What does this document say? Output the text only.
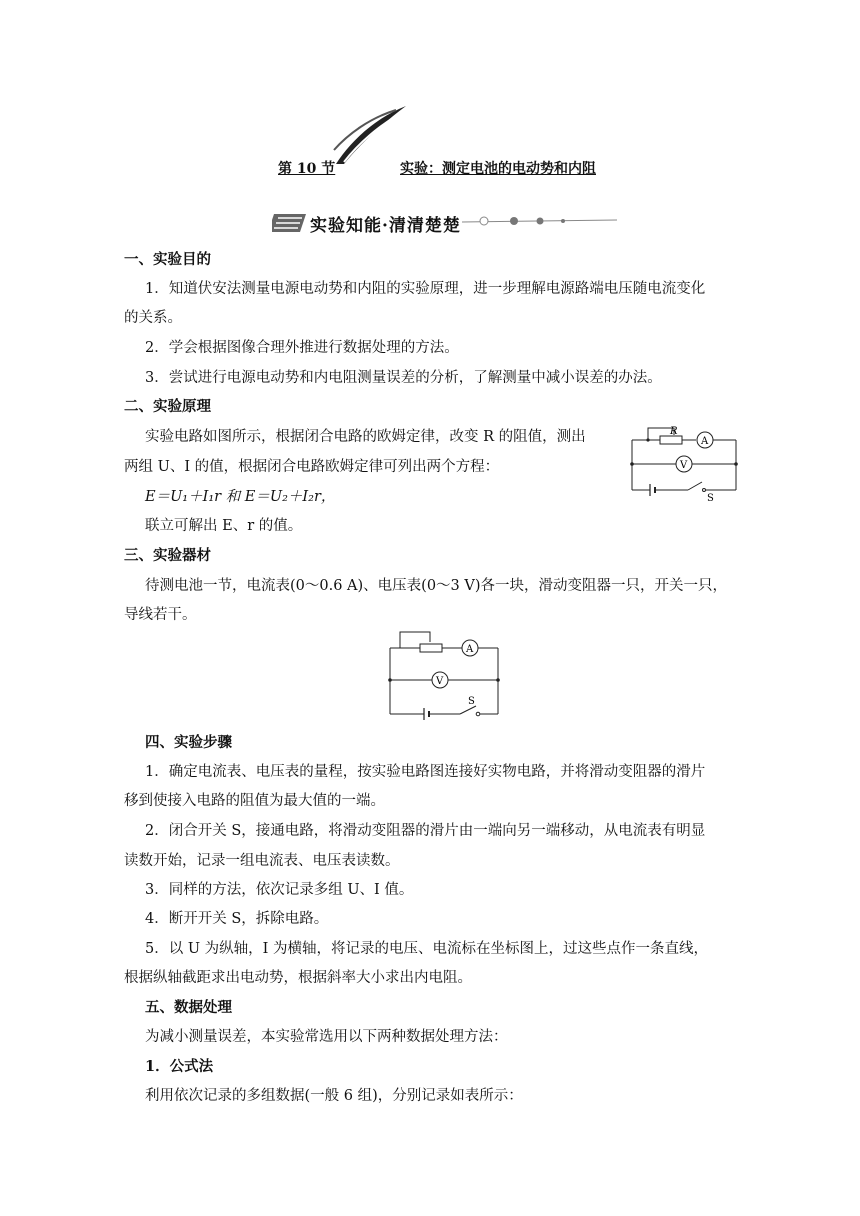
第 10 节	实验：测定电池的电动势和内阻
实验知能·清清楚楚
一、实验目的
1．知道伏安法测量电源电动势和内阻的实验原理，进一步理解电源路端电压随电流变化
的关系。
2．学会根据图像合理外推进行数据处理的方法。
3．尝试进行电源电动势和内电阻测量误差的分析，了解测量中减小误差的办法。
二、实验原理
实验电路如图所示，根据闭合电路的欧姆定律，改变 R 的阻值，测出
两组 U、I 的值，根据闭合电路欧姆定律可列出两个方程：
E＝U₁＋I₁r 和 E＝U₂＋I₂r，
联立可解出 E、r 的值。
R
A
V
S
三、实验器材
待测电池一节，电流表(0～0.6 A)、电压表(0～3 V)各一块，滑动变阻器一只，开关一只，
导线若干。
A
V
S
四、实验步骤
1．确定电流表、电压表的量程，按实验电路图连接好实物电路，并将滑动变阻器的滑片
移到使接入电路的阻值为最大值的一端。
2．闭合开关 S，接通电路，将滑动变阻器的滑片由一端向另一端移动，从电流表有明显
读数开始，记录一组电流表、电压表读数。
3．同样的方法，依次记录多组 U、I 值。
4．断开开关 S，拆除电路。
5．以 U 为纵轴，I 为横轴，将记录的电压、电流标在坐标图上，过这些点作一条直线，
根据纵轴截距求出电动势，根据斜率大小求出内电阻。
五、数据处理
为减小测量误差，本实验常选用以下两种数据处理方法：
1．公式法
利用依次记录的多组数据(一般 6 组)，分别记录如表所示：
